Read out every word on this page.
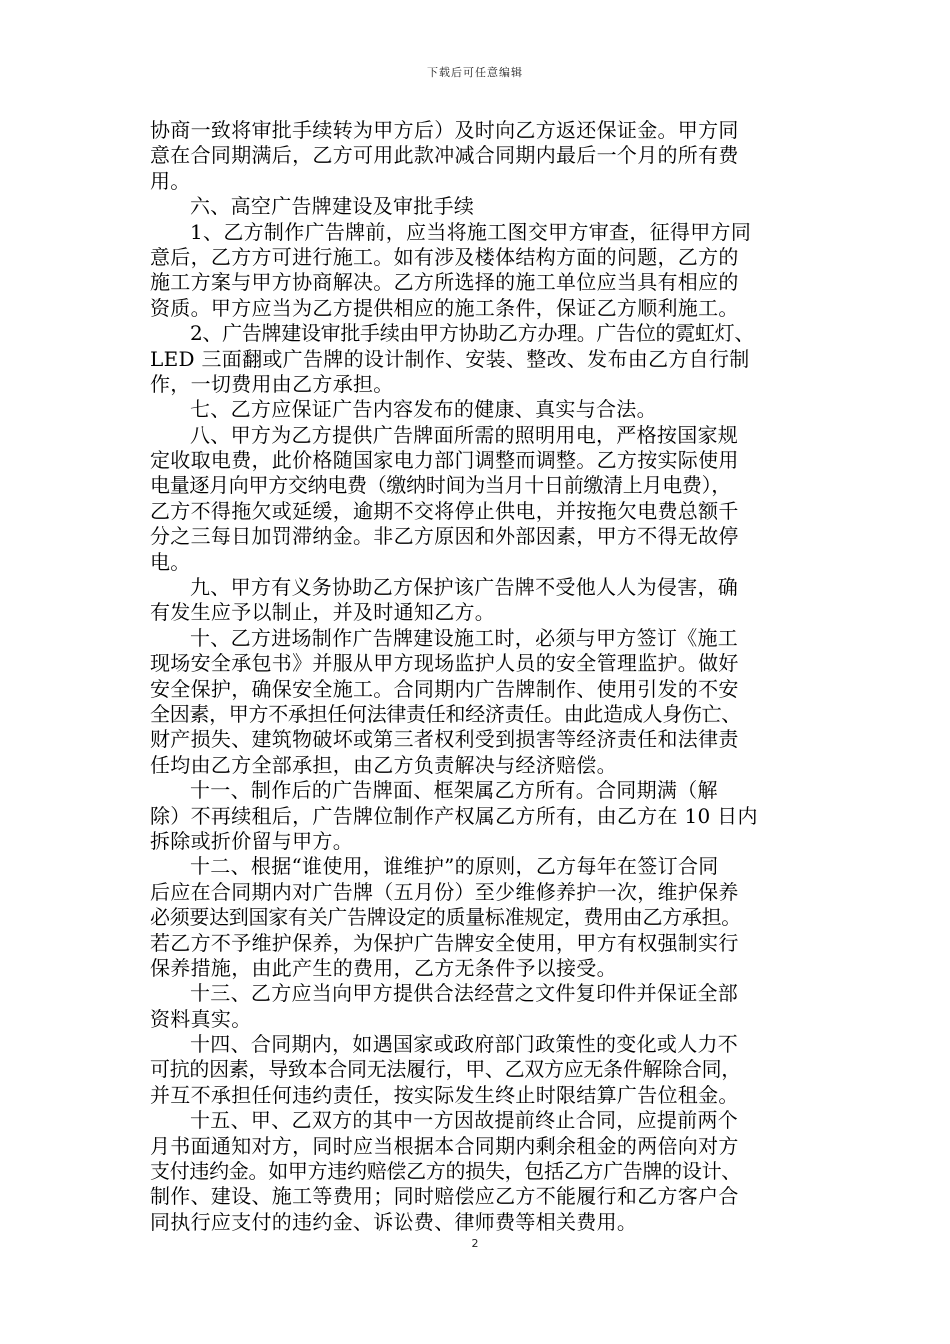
下载后可任意编辑
协商一致将审批手续转为甲方后）及时向乙方返还保证金。甲方同
意在合同期满后，乙方可用此款冲减合同期内最后一个月的所有费
用。
六、高空广告牌建设及审批手续
1、乙方制作广告牌前，应当将施工图交甲方审查，征得甲方同
意后，乙方方可进行施工。如有涉及楼体结构方面的问题，乙方的
施工方案与甲方协商解决。乙方所选择的施工单位应当具有相应的
资质。甲方应当为乙方提供相应的施工条件，保证乙方顺利施工。
2、广告牌建设审批手续由甲方协助乙方办理。广告位的霓虹灯、
LED 三面翻或广告牌的设计制作、安装、整改、发布由乙方自行制
作，一切费用由乙方承担。
七、乙方应保证广告内容发布的健康、真实与合法。
八、甲方为乙方提供广告牌面所需的照明用电，严格按国家规
定收取电费，此价格随国家电力部门调整而调整。乙方按实际使用
电量逐月向甲方交纳电费（缴纳时间为当月十日前缴清上月电费），
乙方不得拖欠或延缓，逾期不交将停止供电，并按拖欠电费总额千
分之三每日加罚滞纳金。非乙方原因和外部因素，甲方不得无故停
电。
九、甲方有义务协助乙方保护该广告牌不受他人人为侵害，确
有发生应予以制止，并及时通知乙方。
十、乙方进场制作广告牌建设施工时，必须与甲方签订《施工
现场安全承包书》并服从甲方现场监护人员的安全管理监护。做好
安全保护，确保安全施工。合同期内广告牌制作、使用引发的不安
全因素，甲方不承担任何法律责任和经济责任。由此造成人身伤亡、
财产损失、建筑物破坏或第三者权利受到损害等经济责任和法律责
任均由乙方全部承担，由乙方负责解决与经济赔偿。
十一、制作后的广告牌面、框架属乙方所有。合同期满（解
除）不再续租后，广告牌位制作产权属乙方所有，由乙方在 10 日内
拆除或折价留与甲方。
十二、根据“谁使用，谁维护”的原则，乙方每年在签订合同
后应在合同期内对广告牌（五月份）至少维修养护一次，维护保养
必须要达到国家有关广告牌设定的质量标准规定，费用由乙方承担。
若乙方不予维护保养，为保护广告牌安全使用，甲方有权强制实行
保养措施，由此产生的费用，乙方无条件予以接受。
十三、乙方应当向甲方提供合法经营之文件复印件并保证全部
资料真实。
十四、合同期内，如遇国家或政府部门政策性的变化或人力不
可抗的因素，导致本合同无法履行，甲、乙双方应无条件解除合同，
并互不承担任何违约责任，按实际发生终止时限结算广告位租金。
十五、甲、乙双方的其中一方因故提前终止合同，应提前两个
月书面通知对方，同时应当根据本合同期内剩余租金的两倍向对方
支付违约金。如甲方违约赔偿乙方的损失，包括乙方广告牌的设计、
制作、建设、施工等费用；同时赔偿应乙方不能履行和乙方客户合
同执行应支付的违约金、诉讼费、律师费等相关费用。
2
